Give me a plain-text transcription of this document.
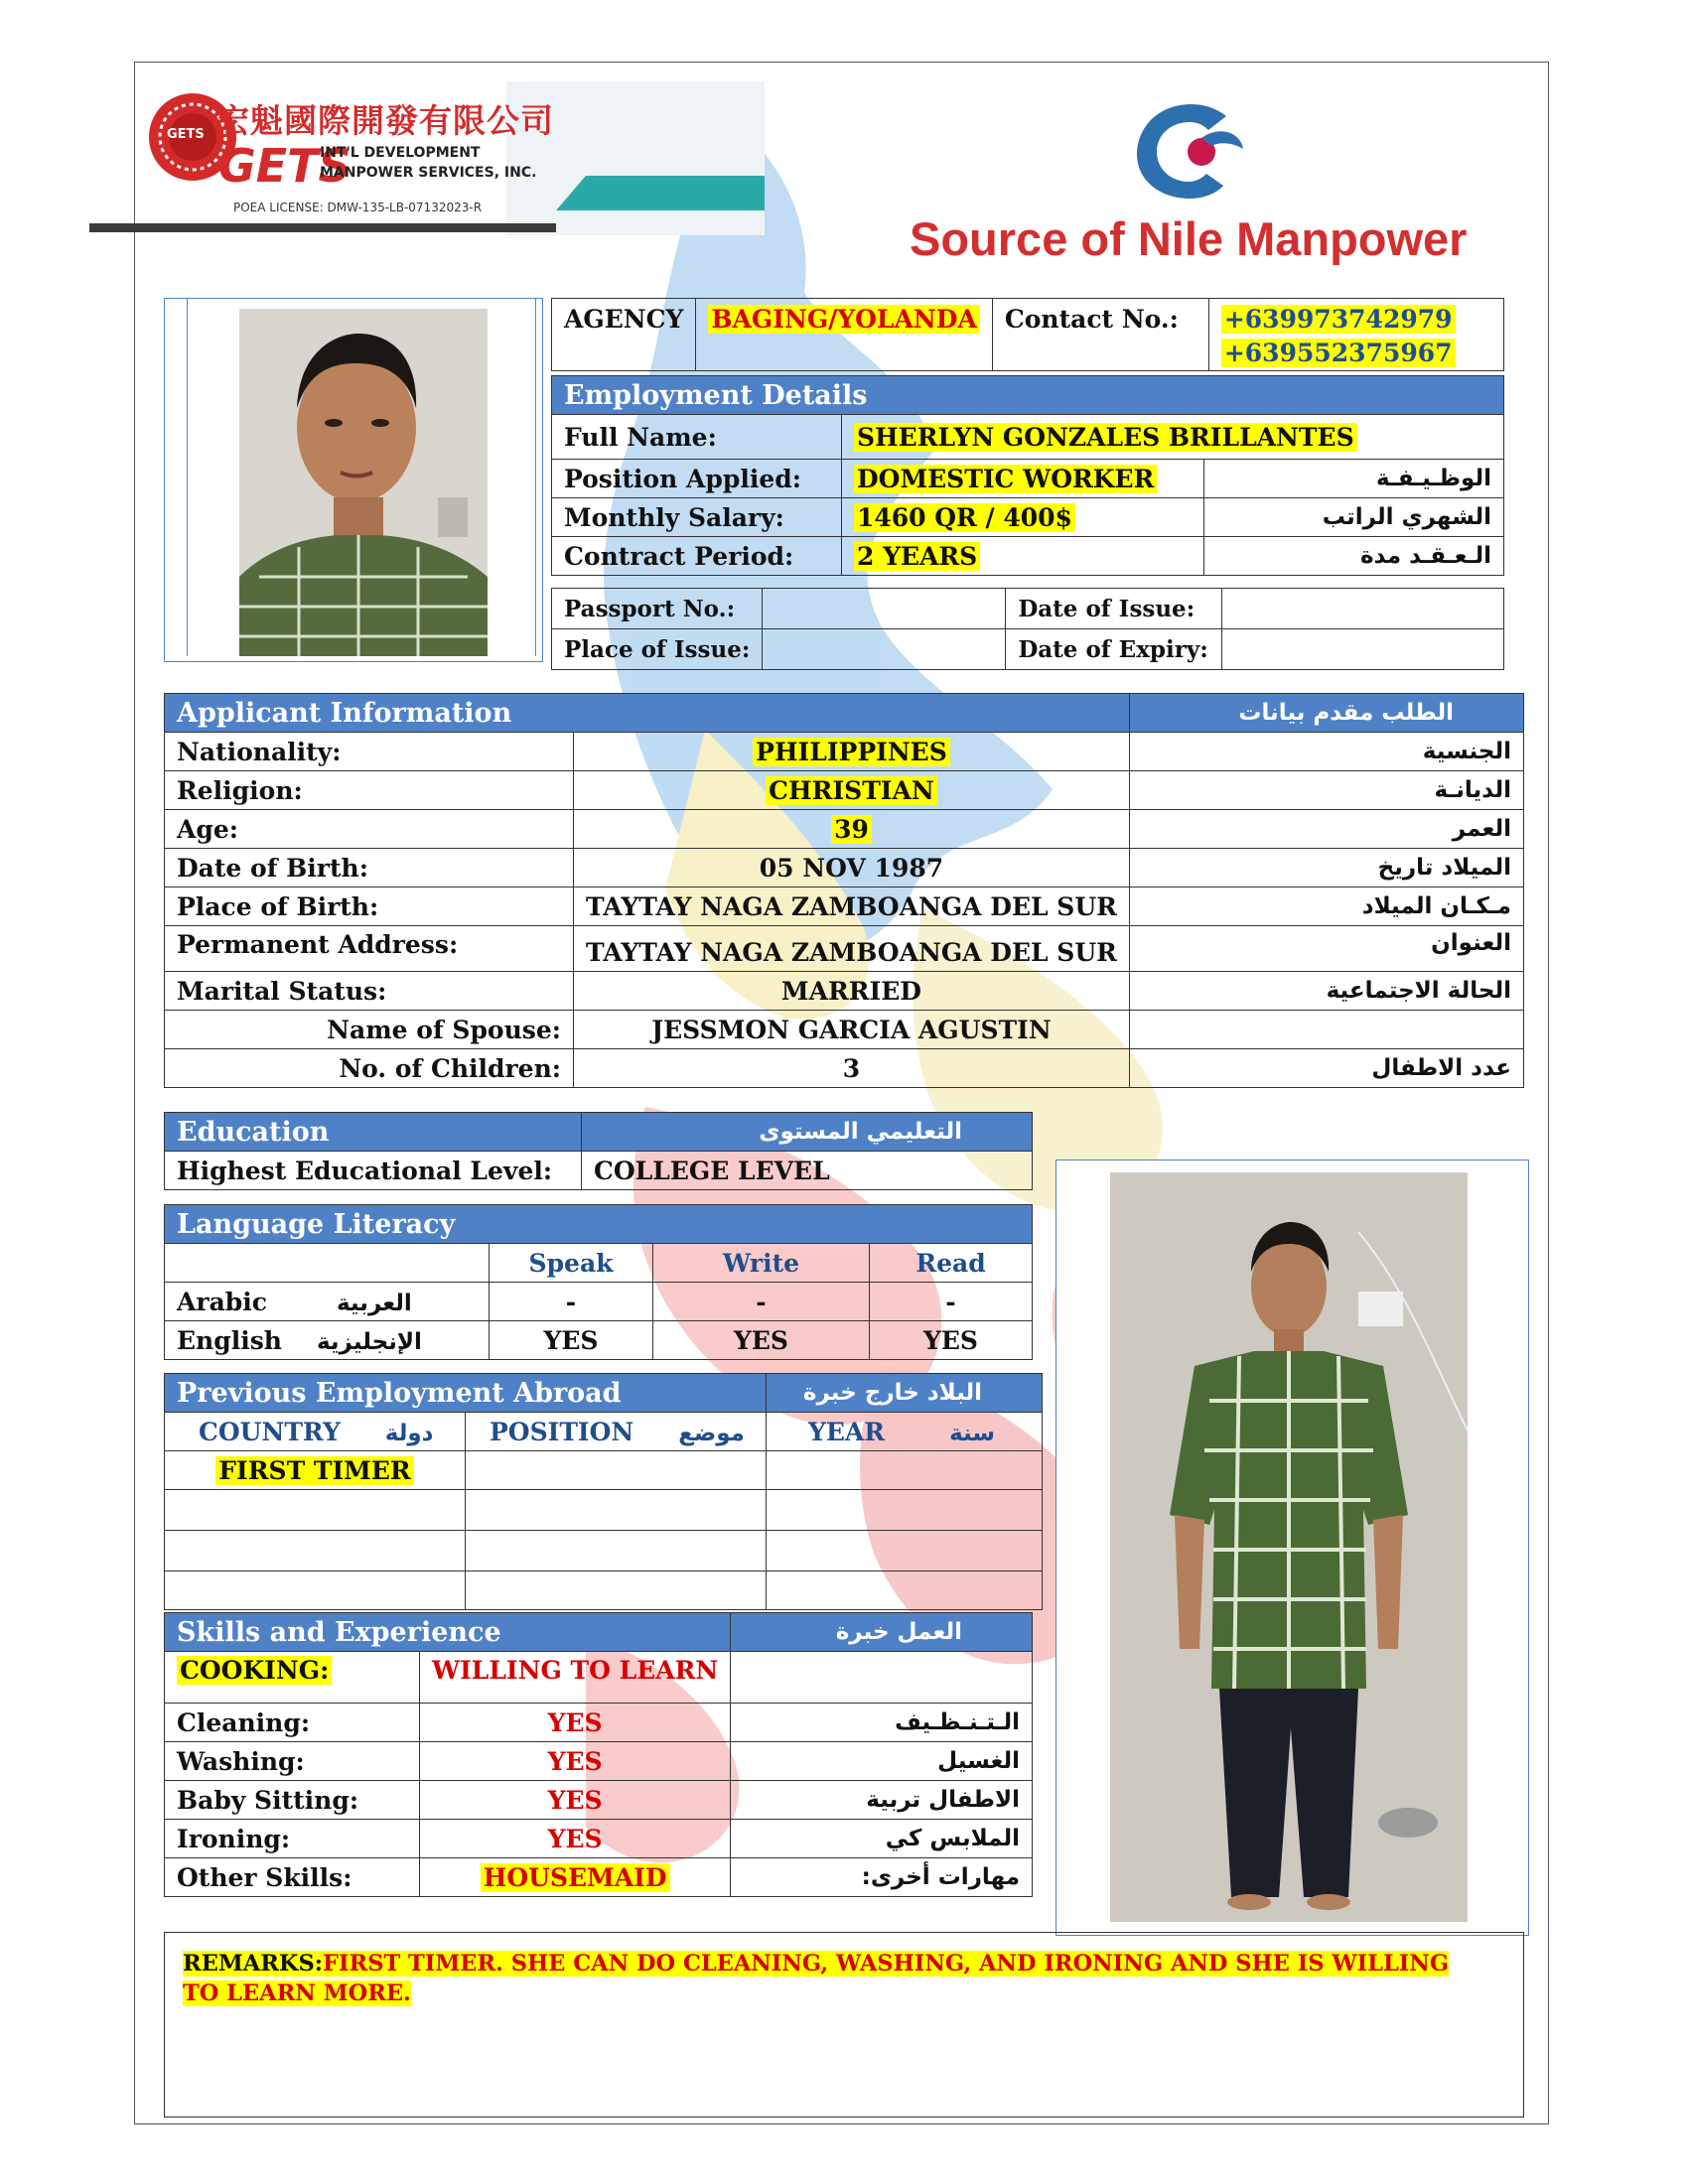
GETS 宏魁國際開發有限公司
GETS
INT'L DEVELOPMENT
MANPOWER SERVICES, INC.
POEA LICENSE: DMW-135-LB-07132023-R
Source of Nile Manpower
AGENCY	BAGING/YOLANDA	Contact No.:	+639973742979
+639552375967
Employment Details		
Full Name:	SHERLYN GONZALES BRILLANTES	
Position Applied:	DOMESTIC WORKER	الوظـيـفـة
Monthly Salary:	1460 QR / 400$	الشهري الراتب
Contract Period:	2 YEARS	الـعـقـد مدة
Passport No.:		Date of Issue:	
Place of Issue:		Date of Expiry:	
Applicant Information		الطلب مقدم بيانات
Nationality:	PHILIPPINES	الجنسية
Religion:	CHRISTIAN	الديانـة
Age:	39	العمر
Date of Birth:	05 NOV 1987	الميلاد تاريخ
Place of Birth:	TAYTAY NAGA ZAMBOANGA DEL SUR	مـكـان الميلاد
Permanent Address:	TAYTAY NAGA ZAMBOANGA DEL SUR	العنوان
Marital Status:	MARRIED	الحالة الاجتماعية
Name of Spouse:	JESSMON GARCIA AGUSTIN	
No. of Children:	3	عدد الاطفال
Education	التعليمي المستوى
Highest Educational Level:	COLLEGE LEVEL
Language Literacy			
	Speak	Write	Read
Arabic العربية	-	-	-
English الإنجليزية	YES	YES	YES
Previous Employment Abroad		البلاد خارج خبرة
COUNTRY دولة	POSITION موضع	YEAR سنة
FIRST TIMER		

Skills and Experience		العمل خبرة
COOKING:	WILLING TO LEARN	
Cleaning:	YES	الـتـنـظـيف
Washing:	YES	الغسيل
Baby Sitting:	YES	الاطفال تربية
Ironing:	YES	الملابس كي
Other Skills:	HOUSEMAID	مهارات أخرى:
REMARKS:FIRST TIMER. SHE CAN DO CLEANING, WASHING, AND IRONING AND SHE IS WILLING TO LEARN MORE.
